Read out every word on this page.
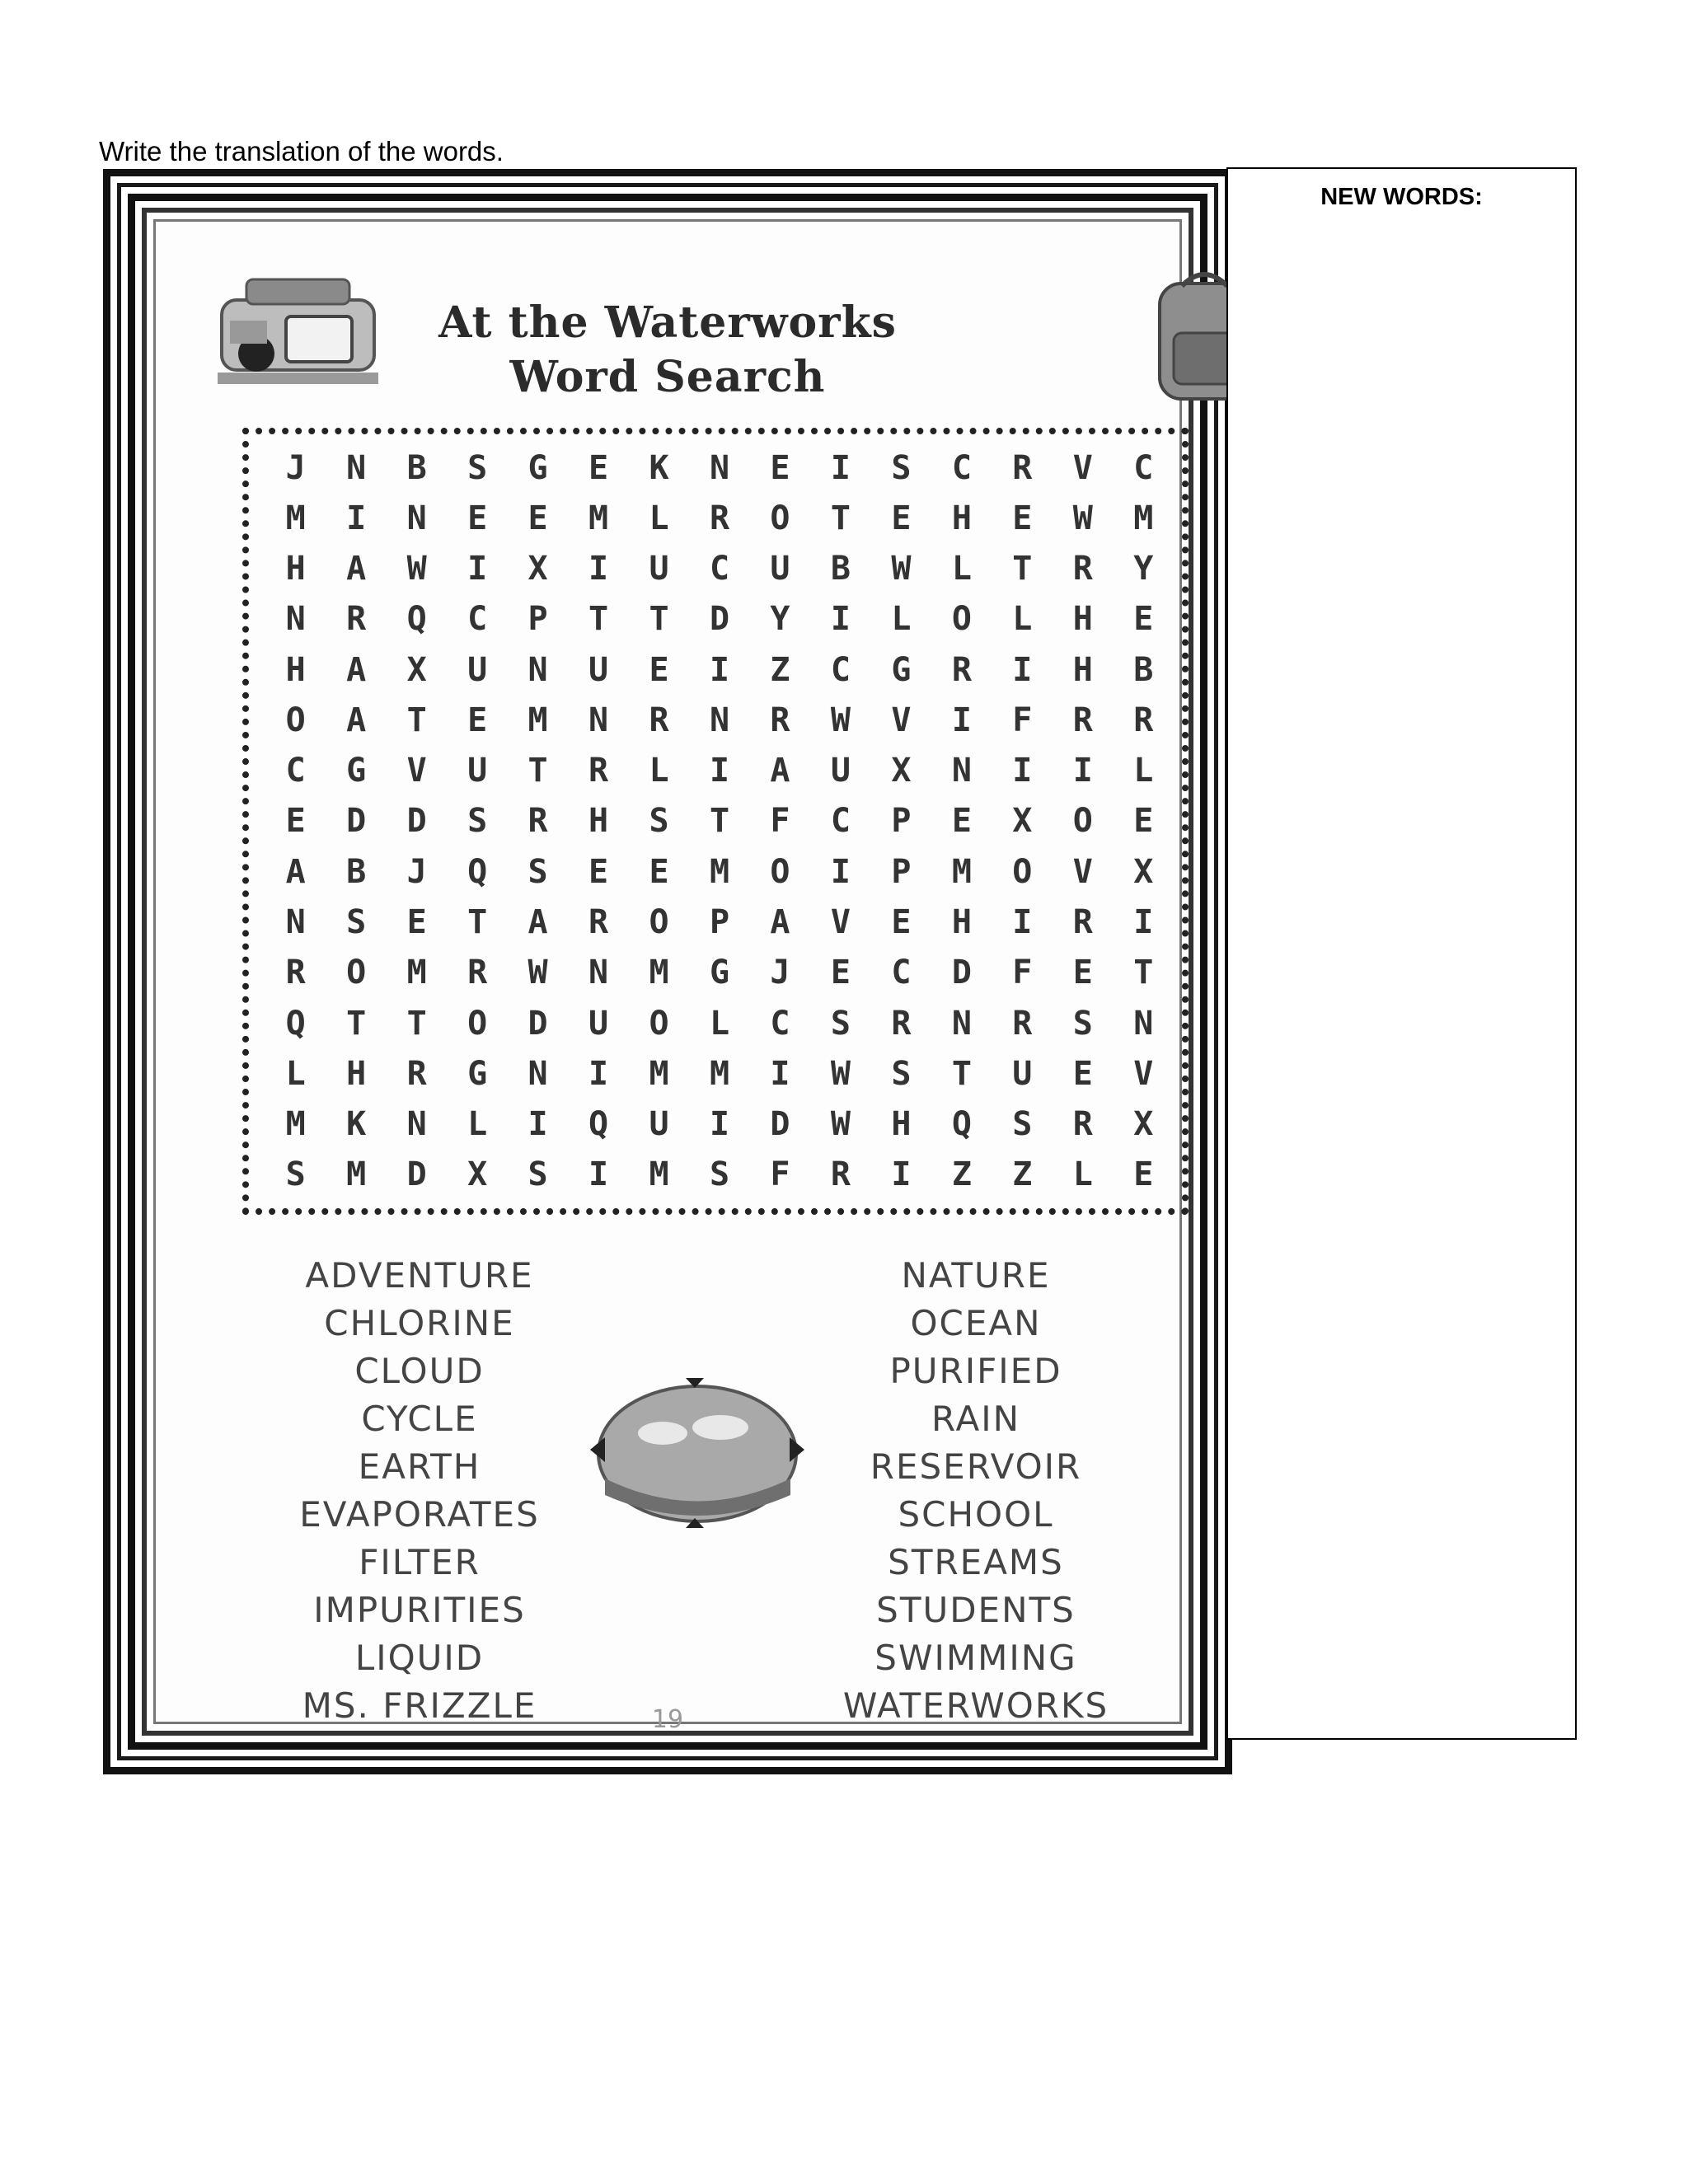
Write the translation of the words.
At the Waterworks
Word Search
J	N	B	S	G	E	K	N	E	I	S	C	R	V	C
M	I	N	E	E	M	L	R	O	T	E	H	E	W	M
H	A	W	I	X	I	U	C	U	B	W	L	T	R	Y
N	R	Q	C	P	T	T	D	Y	I	L	O	L	H	E
H	A	X	U	N	U	E	I	Z	C	G	R	I	H	B
O	A	T	E	M	N	R	N	R	W	V	I	F	R	R
C	G	V	U	T	R	L	I	A	U	X	N	I	I	L
E	D	D	S	R	H	S	T	F	C	P	E	X	O	E
A	B	J	Q	S	E	E	M	O	I	P	M	O	V	X
N	S	E	T	A	R	O	P	A	V	E	H	I	R	I
R	O	M	R	W	N	M	G	J	E	C	D	F	E	T
Q	T	T	O	D	U	O	L	C	S	R	N	R	S	N
L	H	R	G	N	I	M	M	I	W	S	T	U	E	V
M	K	N	L	I	Q	U	I	D	W	H	Q	S	R	X
S	M	D	X	S	I	M	S	F	R	I	Z	Z	L	E
ADVENTURE
CHLORINE
CLOUD
CYCLE
EARTH
EVAPORATES
FILTER
IMPURITIES
LIQUID
MS. FRIZZLE
NATURE
OCEAN
PURIFIED
RAIN
RESERVOIR
SCHOOL
STREAMS
STUDENTS
SWIMMING
WATERWORKS
19
NEW WORDS:
